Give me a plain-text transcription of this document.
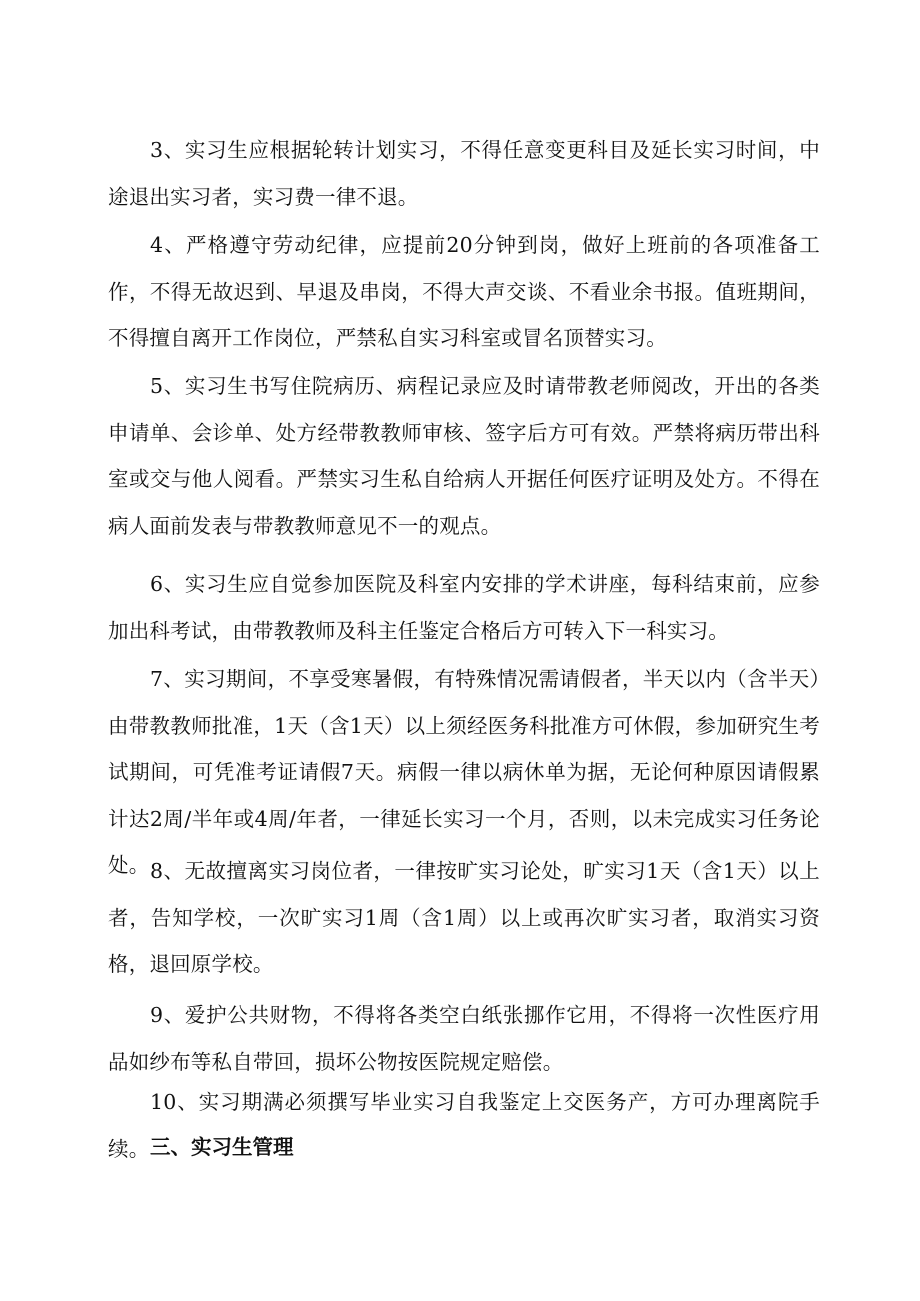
3、实习生应根据轮转计划实习，不得任意变更科目及延长实习时间，中途退出实习者，实习费一律不退。

4、严格遵守劳动纪律，应提前20分钟到岗，做好上班前的各项准备工作，不得无故迟到、早退及串岗，不得大声交谈、不看业余书报。值班期间，不得擅自离开工作岗位，严禁私自实习科室或冒名顶替实习。

5、实习生书写住院病历、病程记录应及时请带教老师阅改，开出的各类申请单、会诊单、处方经带教教师审核、签字后方可有效。严禁将病历带出科室或交与他人阅看。严禁实习生私自给病人开据任何医疗证明及处方。不得在病人面前发表与带教教师意见不一的观点。

6、实习生应自觉参加医院及科室内安排的学术讲座，每科结束前，应参加出科考试，由带教教师及科主任鉴定合格后方可转入下一科实习。

7、实习期间，不享受寒暑假，有特殊情况需请假者，半天以内（含半天）由带教教师批准，1天（含1天）以上须经医务科批准方可休假，参加研究生考试期间，可凭准考证请假7天。病假一律以病休单为据，无论何种原因请假累计达2周/半年或4周/年者，一律延长实习一个月，否则，以未完成实习任务论处。 8、无故擅离实习岗位者，一律按旷实习论处，旷实习1天（含1天）以上者，告知学校，一次旷实习1周（含1周）以上或再次旷实习者，取消实习资格，退回原学校。

9、爱护公共财物，不得将各类空白纸张挪作它用，不得将一次性医疗用品如纱布等私自带回，损坏公物按医院规定赔偿。

10、实习期满必须撰写毕业实习自我鉴定上交医务产，方可办理离院手续。 三、实习生管理
